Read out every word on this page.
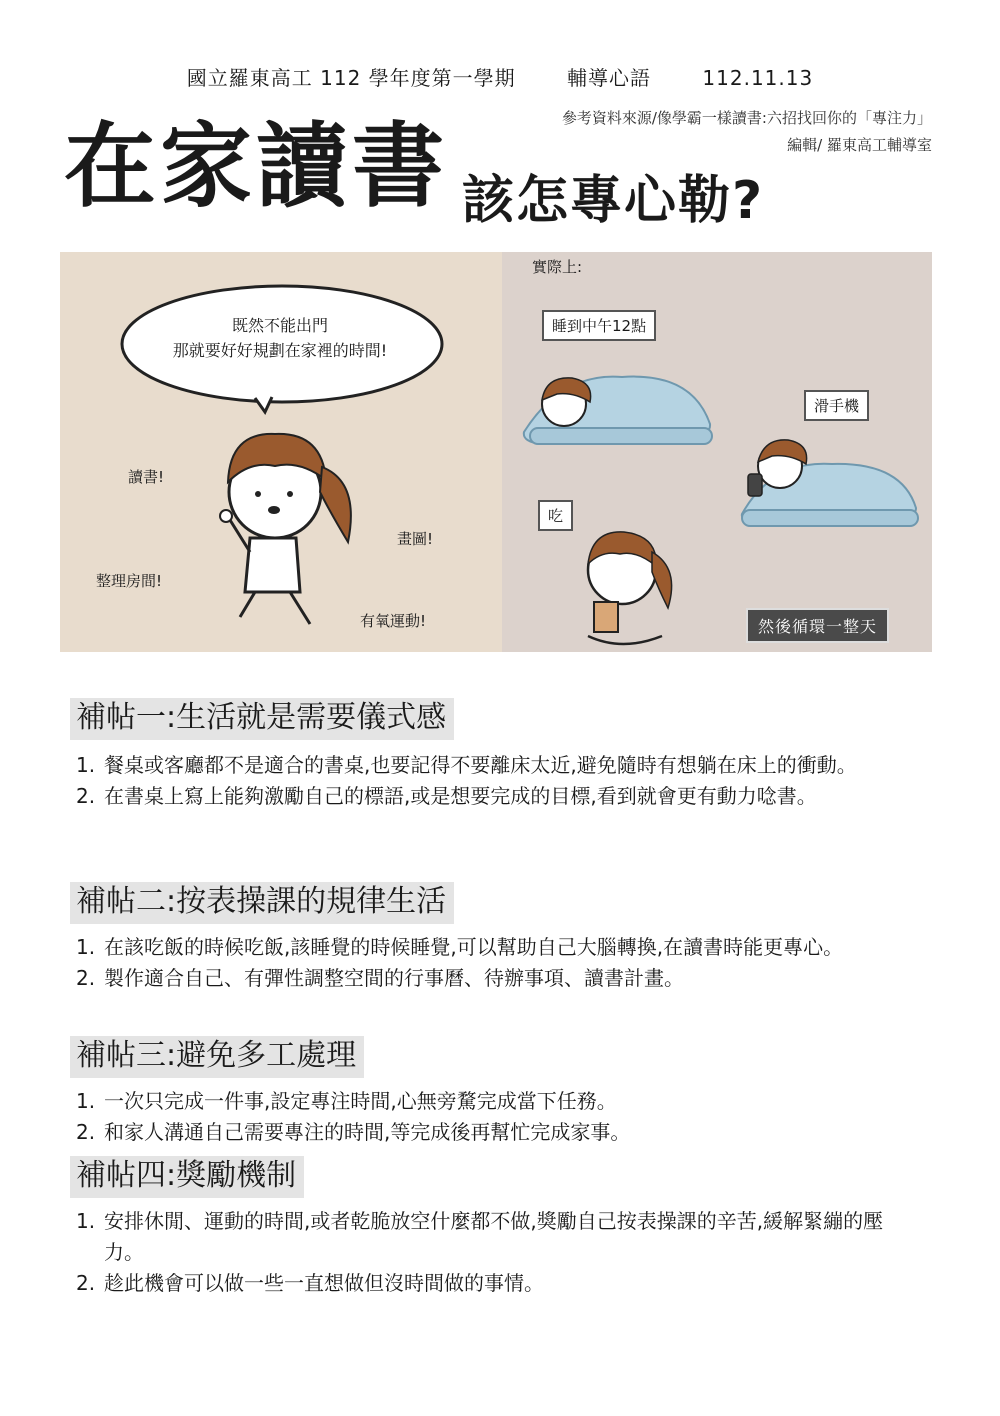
國立羅東高工 112 學年度第一學期	輔導心語	112.11.13
參考資料來源/像學霸一樣讀書:六招找回你的「專注力」
編輯/ 羅東高工輔導室
在家讀書 該怎專心勒?
既然不能出門
那就要好好規劃在家裡的時間!
讀書!
畫圖!
整理房間!
有氧運動!
實際上:
睡到中午12點
滑手機
吃
然後循環一整天
補帖一:生活就是需要儀式感
1. 餐桌或客廳都不是適合的書桌,也要記得不要離床太近,避免隨時有想躺在床上的衝動。
2. 在書桌上寫上能夠激勵自己的標語,或是想要完成的目標,看到就會更有動力唸書。
補帖二:按表操課的規律生活
1. 在該吃飯的時候吃飯,該睡覺的時候睡覺,可以幫助自己大腦轉換,在讀書時能更專心。
2. 製作適合自己、有彈性調整空間的行事曆、待辦事項、讀書計畫。
補帖三:避免多工處理
1. 一次只完成一件事,設定專注時間,心無旁騖完成當下任務。
2. 和家人溝通自己需要專注的時間,等完成後再幫忙完成家事。
補帖四:獎勵機制
1. 安排休閒、運動的時間,或者乾脆放空什麼都不做,獎勵自己按表操課的辛苦,緩解緊繃的壓力。
2. 趁此機會可以做一些一直想做但沒時間做的事情。
